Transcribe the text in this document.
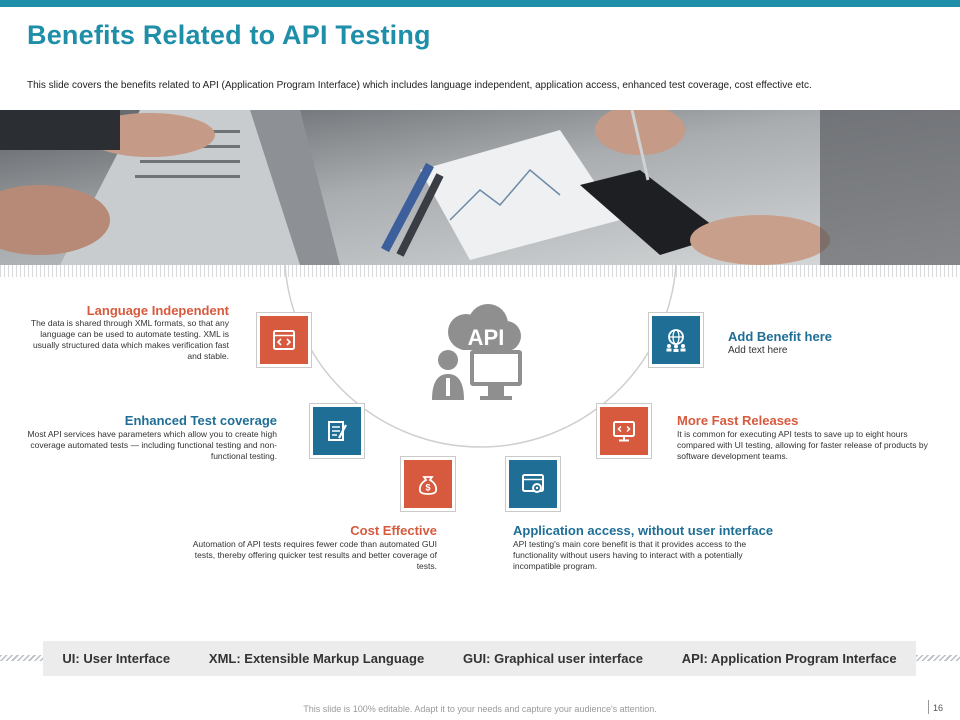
Benefits Related to API Testing
This slide covers the benefits related to API (Application Program Interface) which includes language independent, application access, enhanced test coverage, cost effective etc.
API
Language Independent
The data is shared through XML formats, so that any language can be used to automate testing. XML is usually structured data which makes verification fast and stable.
Enhanced Test coverage
Most API services have parameters which allow you to create high coverage automated tests — including functional testing and non-functional testing.
$
Cost Effective
Automation of API tests requires fewer code than automated GUI tests, thereby offering quicker test results and better coverage of tests.
Application access, without user interface
API testing's main core benefit is that it provides access to the functionality without users having to interact with a potentially incompatible program.
More Fast Releases
It is common for executing API tests to save up to eight hours compared with UI testing, allowing for faster release of products by software development teams.
Add Benefit here
Add text here
UI: User Interface	XML: Extensible Markup Language	GUI: Graphical user interface	API: Application Program Interface
This slide is 100% editable. Adapt it to your needs and capture your audience's attention.	16
